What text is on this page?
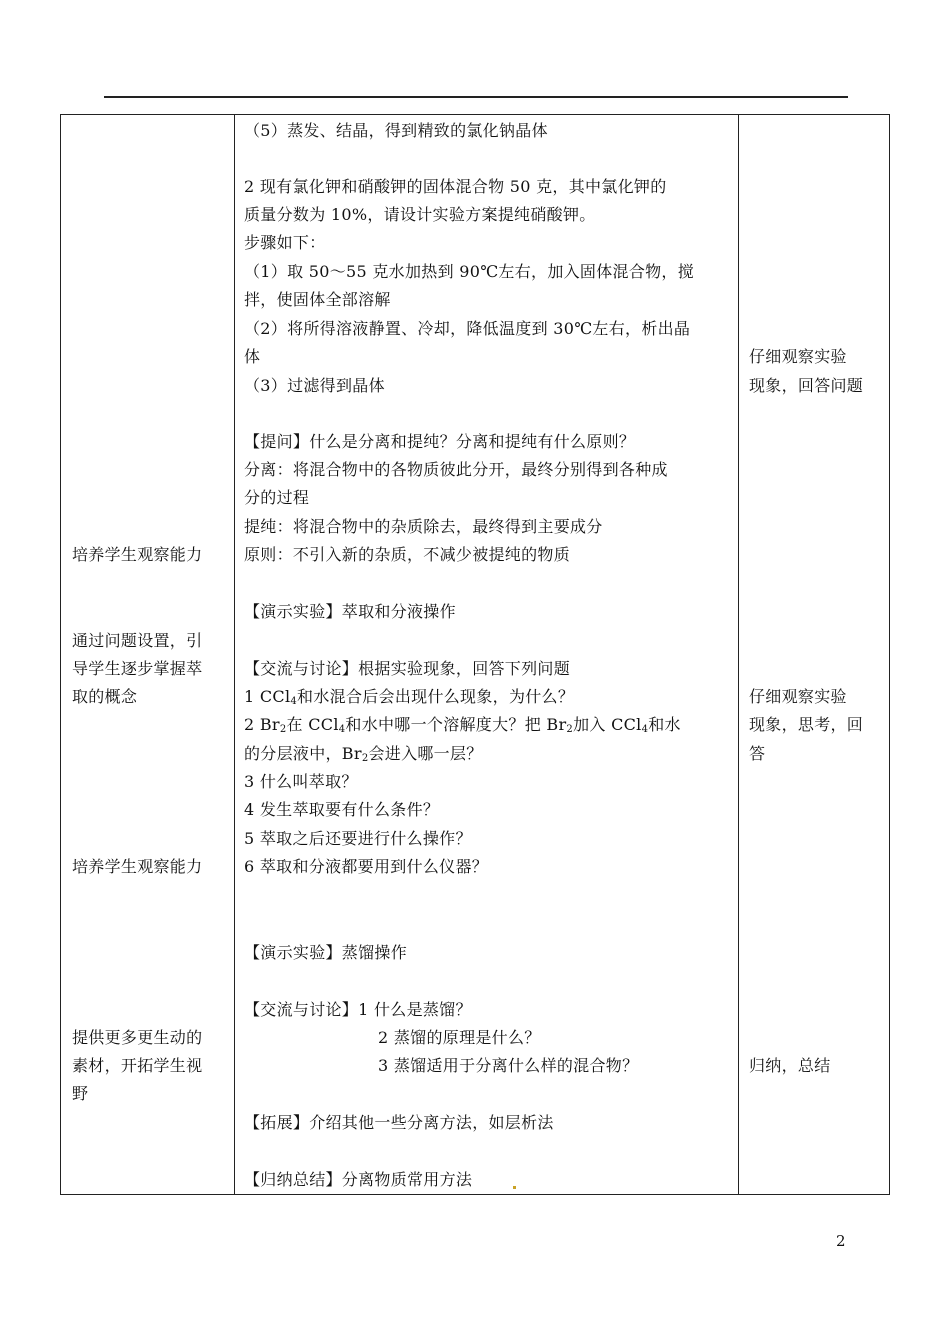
培养学生观察能力
通过问题设置，引
导学生逐步掌握萃
取的概念
培养学生观察能力
提供更多更生动的
素材，开拓学生视
野
（5）蒸发、结晶，得到精致的氯化钠晶体
2 现有氯化钾和硝酸钾的固体混合物 50 克，其中氯化钾的
质量分数为 10%，请设计实验方案提纯硝酸钾。
步骤如下：
（1）取 50～55 克水加热到 90℃左右，加入固体混合物，搅
拌，使固体全部溶解
（2）将所得溶液静置、冷却，降低温度到 30℃左右，析出晶
体
（3）过滤得到晶体
【提问】什么是分离和提纯？分离和提纯有什么原则？
分离：将混合物中的各物质彼此分开，最终分别得到各种成
分的过程
提纯：将混合物中的杂质除去，最终得到主要成分
原则：不引入新的杂质，不减少被提纯的物质
【演示实验】萃取和分液操作
【交流与讨论】根据实验现象，回答下列问题
1 CCl$_4$和水混合后会出现什么现象，为什么？
2 $Br_2$在 CCl$_4$和水中哪一个溶解度大？把 $Br_2$加入 CCl$_4$和水
的分层液中，$Br_2$会进入哪一层？
3 什么叫萃取？
4 发生萃取要有什么条件？
5 萃取之后还要进行什么操作？
6 萃取和分液都要用到什么仪器？
【演示实验】蒸馏操作
【交流与讨论】1 什么是蒸馏？
2 蒸馏的原理是什么？
3 蒸馏适用于分离什么样的混合物？
【拓展】介绍其他一些分离方法，如层析法
【归纳总结】分离物质常用方法
仔细观察实验
现象，回答问题
仔细观察实验
现象，思考，回
答
归纳，总结
2
